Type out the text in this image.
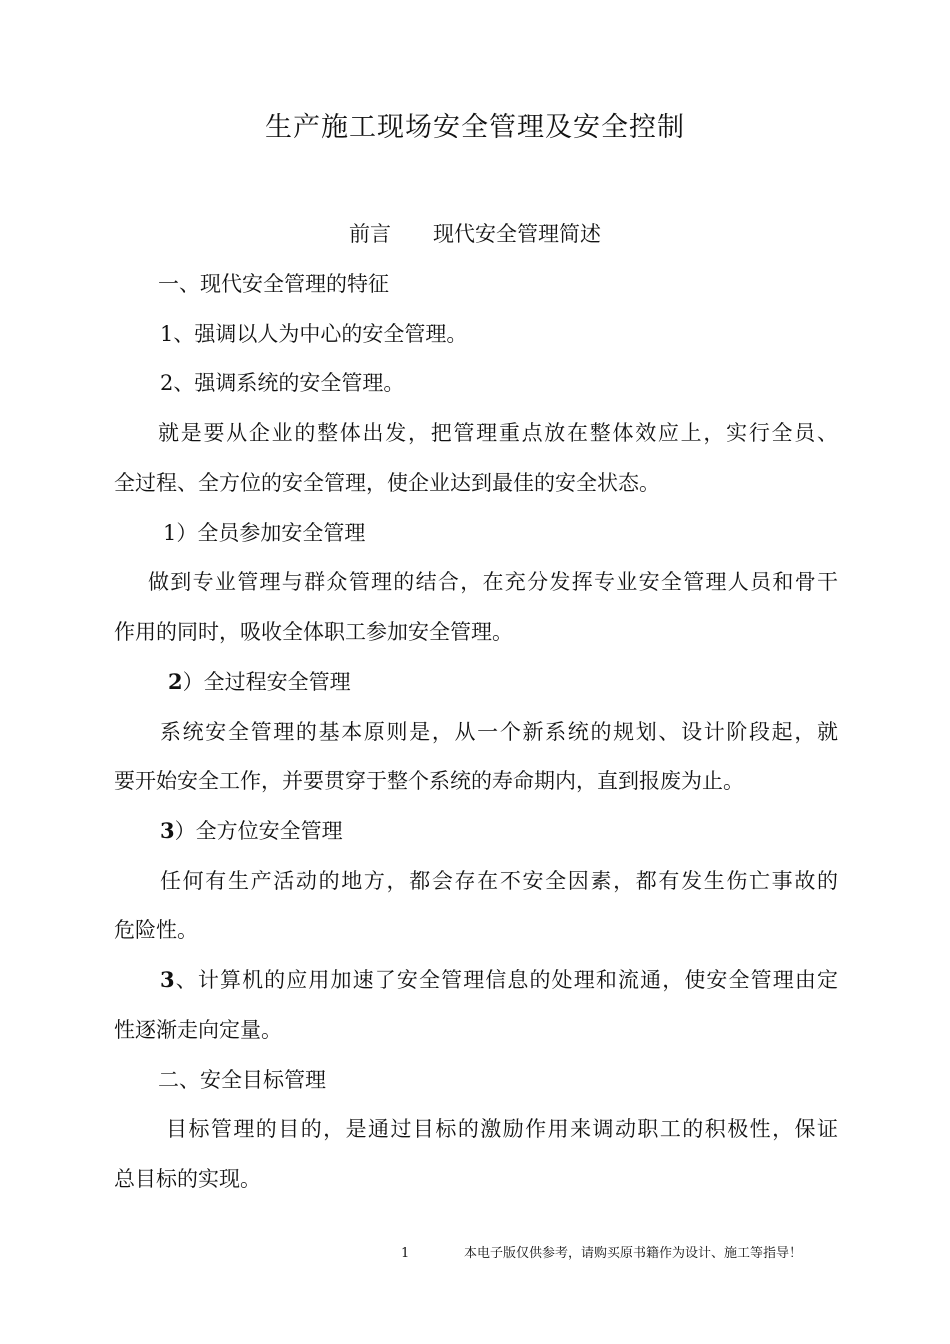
生产施工现场安全管理及安全控制
前言　　现代安全管理简述
一、现代安全管理的特征
1、强调以人为中心的安全管理。
2、强调系统的安全管理。
就是要从企业的整体出发，把管理重点放在整体效应上，实行全员、
全过程、全方位的安全管理，使企业达到最佳的安全状态。
1）全员参加安全管理
做到专业管理与群众管理的结合，在充分发挥专业安全管理人员和骨干
作用的同时，吸收全体职工参加安全管理。
2）全过程安全管理
系统安全管理的基本原则是，从一个新系统的规划、设计阶段起，就
要开始安全工作，并要贯穿于整个系统的寿命期内，直到报废为止。
3）全方位安全管理
任何有生产活动的地方，都会存在不安全因素，都有发生伤亡事故的
危险性。
3、计算机的应用加速了安全管理信息的处理和流通，使安全管理由定
性逐渐走向定量。
二、安全目标管理
目标管理的目的，是通过目标的激励作用来调动职工的积极性，保证
总目标的实现。
1	本电子版仅供参考，请购买原书籍作为设计、施工等指导！
